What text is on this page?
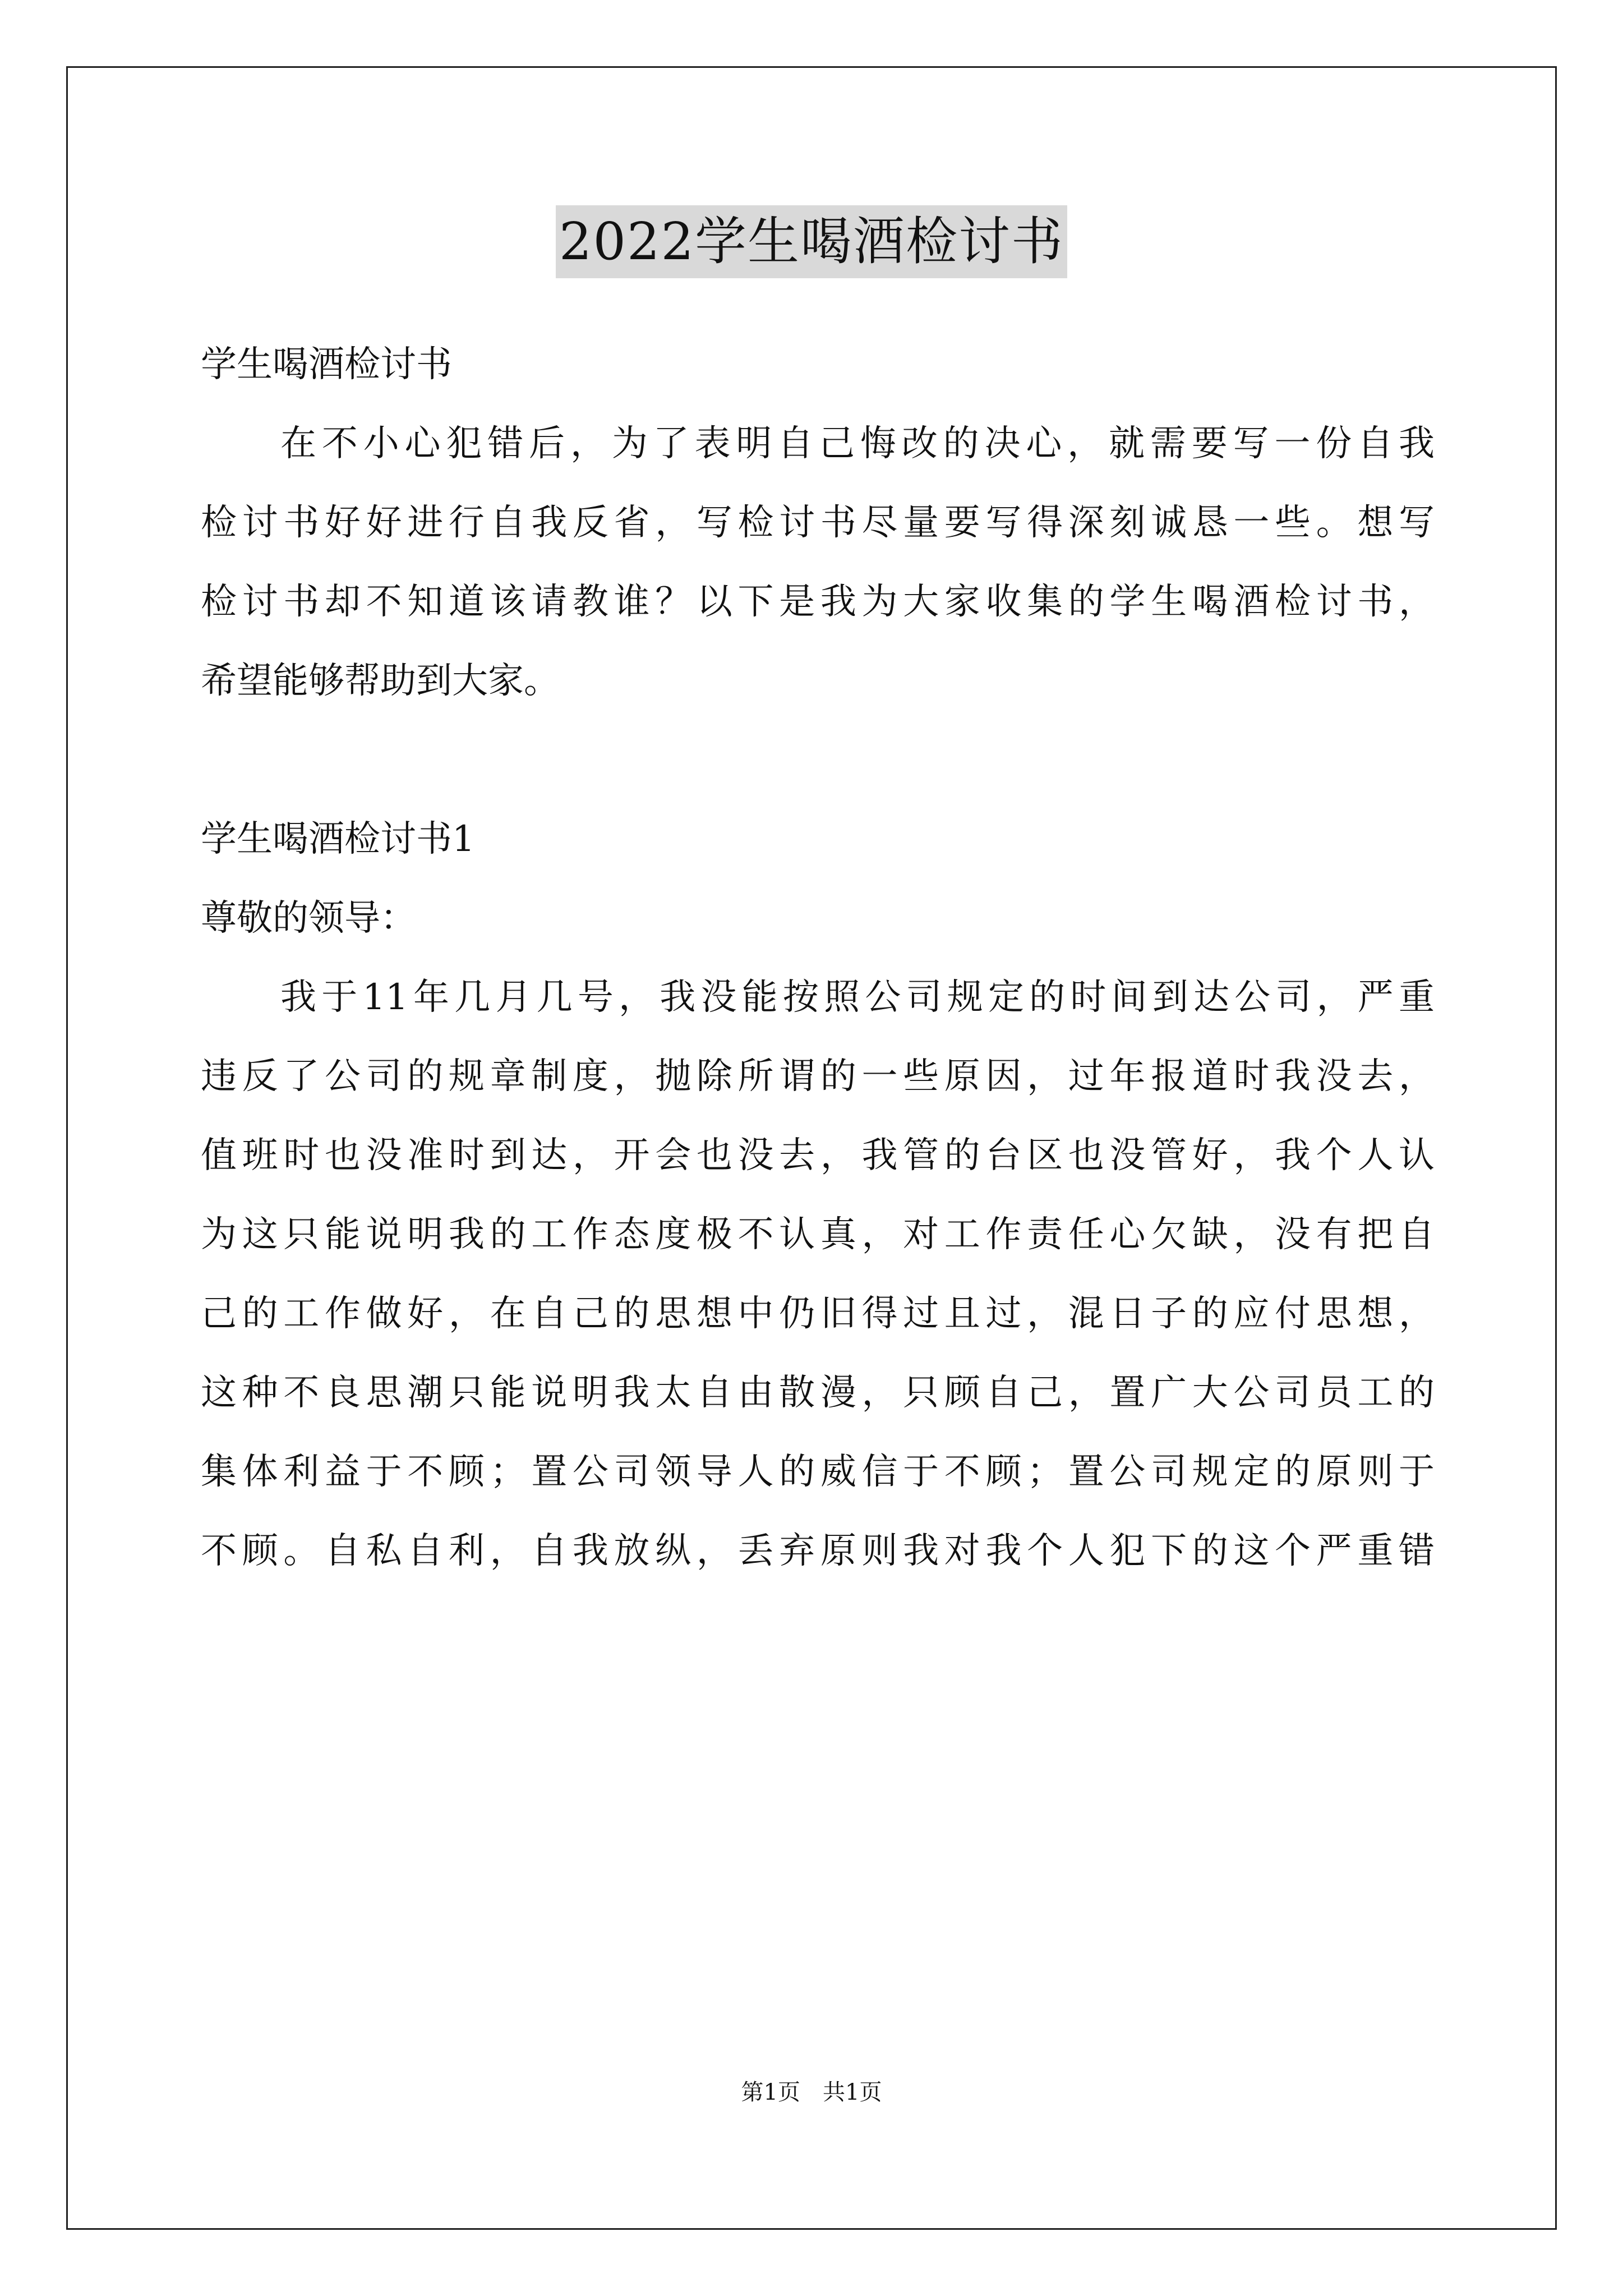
2022学生喝酒检讨书
学生喝酒检讨书
在不小心犯错后，为了表明自己悔改的决心，就需要写一份自我
检讨书好好进行自我反省，写检讨书尽量要写得深刻诚恳一些。想写
检讨书却不知道该请教谁？以下是我为大家收集的学生喝酒检讨书，
希望能够帮助到大家。
学生喝酒检讨书1
尊敬的领导：
我于11年几月几号，我没能按照公司规定的时间到达公司，严重
违反了公司的规章制度，抛除所谓的一些原因，过年报道时我没去，
值班时也没准时到达，开会也没去，我管的台区也没管好，我个人认
为这只能说明我的工作态度极不认真，对工作责任心欠缺，没有把自
己的工作做好，在自己的思想中仍旧得过且过，混日子的应付思想，
这种不良思潮只能说明我太自由散漫，只顾自己，置广大公司员工的
集体利益于不顾；置公司领导人的威信于不顾；置公司规定的原则于
不顾。自私自利，自我放纵，丢弃原则我对我个人犯下的这个严重错
第1页 共1页
